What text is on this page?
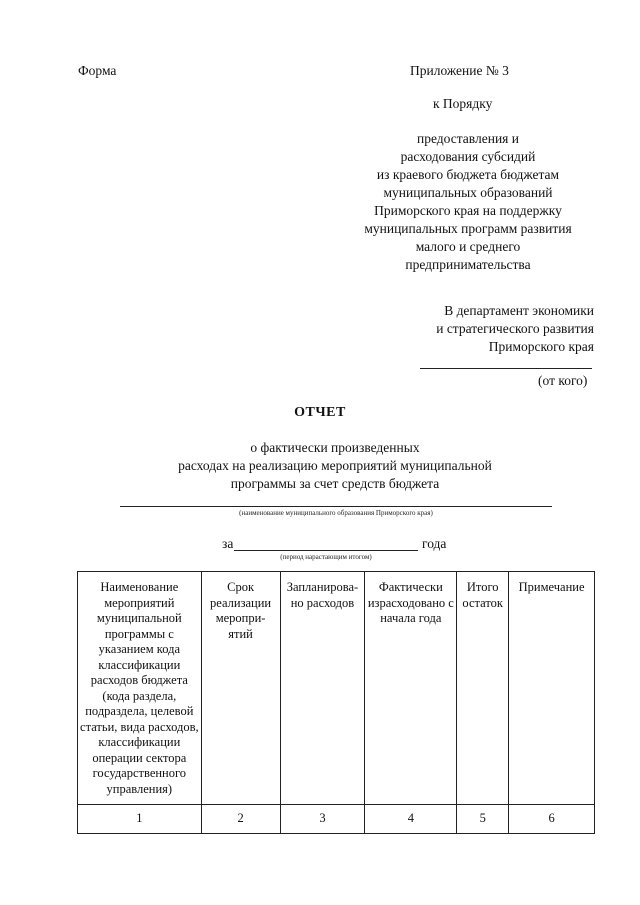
Форма	Приложение № 3
к Порядку
предоставления и
расходования субсидий
из краевого бюджета бюджетам
муниципальных образований
Приморского края на поддержку
муниципальных программ развития
малого и среднего
предпринимательства
В департамент экономики
и стратегического развития
Приморского края
(от кого)
ОТЧЕТ
о фактически произведенных
расходах на реализацию мероприятий муниципальной
программы за счет средств бюджета
(наименование муниципального образования Приморского края)
за	года
(период нарастающим итогом)
Наименование мероприятий муниципальной программы с указанием кода классификации расходов бюджета (кода раздела, подраздела, целевой статьи, вида расходов, классификации операции сектора государственного управления)	Срок реализации меропри-ятий	Запланирова-но расходов	Фактически израсходовано с начала года	Итого остаток	Примечание
1	2	3	4	5	6
